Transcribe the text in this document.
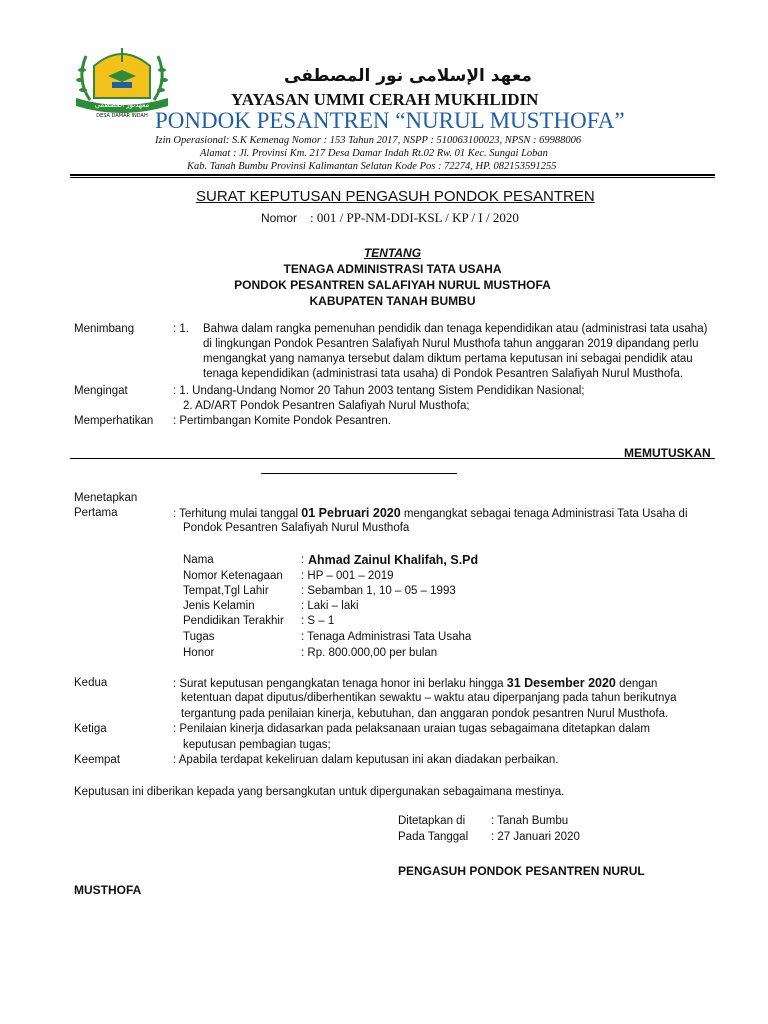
معهدنور المصطفى
DESA DAMAR INDAH
معهد الإسلامى نور المصطفى
YAYASAN UMMI CERAH MUKHLIDIN
PONDOK PESANTREN “NURUL MUSTHOFA”
Izin Operasional: S.K Kemenag Nomor : 153 Tahun 2017, NSPP : 510063100023, NPSN : 69988006
Alamat : Jl. Provinsi Km. 217 Desa Damar Indah Rt.02 Rw. 01 Kec. Sungai Loban
Kab. Tanah Bumbu Provinsi Kalimantan Selatan Kode Pos : 72274, HP. 082153591255
SURAT KEPUTUSAN PENGASUH PONDOK PESANTREN
Nomor : 001 / PP-NM-DDI-KSL / KP / I / 2020
TENTANG
TENAGA ADMINISTRASI TATA USAHA
PONDOK PESANTREN SALAFIYAH NURUL MUSTHOFA
KABUPATEN TANAH BUMBU
Menimbang	: 1. Bahwa dalam rangka pemenuhan pendidik dan tenaga kependidikan atau (administrasi tata usaha)
di lingkungan Pondok Pesantren Salafiyah Nurul Musthofa tahun anggaran 2019 dipandang perlu
mengangkat yang namanya tersebut dalam diktum pertama keputusan ini sebagai pendidik atau
tenaga kependidikan (administrasi tata usaha) di Pondok Pesantren Salafiyah Nurul Musthofa.
Mengingat	: 1. Undang-Undang Nomor 20 Tahun 2003 tentang Sistem Pendidikan Nasional;
2. AD/ART Pondok Pesantren Salafiyah Nurul Musthofa;
Memperhatikan : Pertimbangan Komite Pondok Pesantren.
MEMUTUSKAN
Menetapkan
Pertama	: Terhitung mulai tanggal 01 Pebruari 2020 mengangkat sebagai tenaga Administrasi Tata Usaha di
Pondok Pesantren Salafiyah Nurul Musthofa
Nama	: Ahmad Zainul Khalifah, S.Pd
Nomor Ketenagaan : HP – 001 – 2019
Tempat,Tgl Lahir	: Sebamban 1, 10 – 05 – 1993
Jenis Kelamin	: Laki – laki
Pendidikan Terakhir : S – 1
Tugas	: Tenaga Administrasi Tata Usaha
Honor	: Rp. 800.000,00 per bulan
Kedua	: Surat keputusan pengangkatan tenaga honor ini berlaku hingga 31 Desember 2020 dengan
ketentuan dapat diputus/diberhentikan sewaktu – waktu atau diperpanjang pada tahun berikutnya
tergantung pada penilaian kinerja, kebutuhan, dan anggaran pondok pesantren Nurul Musthofa.
Ketiga	: Penilaian kinerja didasarkan pada pelaksanaan uraian tugas sebagaimana ditetapkan dalam
keputusan pembagian tugas;
Keempat	: Apabila terdapat kekeliruan dalam keputusan ini akan diadakan perbaikan.
Keputusan ini diberikan kepada yang bersangkutan untuk dipergunakan sebagaimana mestinya.
Ditetapkan di : Tanah Bumbu
Pada Tanggal : 27 Januari 2020
PENGASUH PONDOK PESANTREN NURUL
MUSTHOFA
